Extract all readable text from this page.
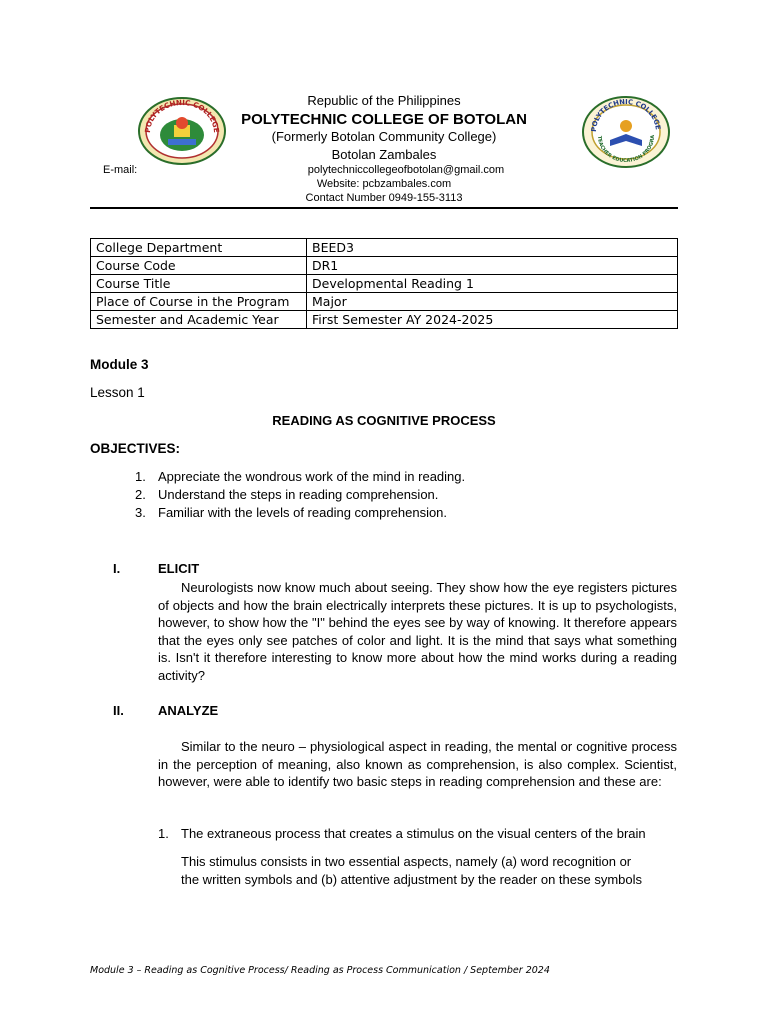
POLYTECHNIC COLLEGE	POLYTECHNIC COLLEGE
TEACHER EDUCATION PROGRA
Republic of the Philippines
POLYTECHNIC COLLEGE OF BOTOLAN
(Formerly Botolan Community College)
Botolan Zambales
E-mail:	polytechniccollegeofbotolan@gmail.com
Website: pcbzambales.com
Contact Number 0949-155-3113
College Department	BEED3
Course Code	DR1
Course Title	Developmental Reading 1
Place of Course in the Program	Major
Semester and Academic Year	First Semester AY 2024-2025
Module 3
Lesson 1
READING AS COGNITIVE PROCESS
OBJECTIVES:
1. Appreciate the wondrous work of the mind in reading.
2. Understand the steps in reading comprehension.
3. Familiar with the levels of reading comprehension.
I.	ELICIT
Neurologists now know much about seeing. They show how the eye registers pictures of objects and how the brain electrically interprets these pictures. It is up to psychologists, however, to show how the "I" behind the eyes see by way of knowing. It therefore appears that the eyes only see patches of color and light. It is the mind that says what something is. Isn't it therefore interesting to know more about how the mind works during a reading activity?
II.	ANALYZE
Similar to the neuro – physiological aspect in reading, the mental or cognitive process in the perception of meaning, also known as comprehension, is also complex. Scientist, however, were able to identify two basic steps in reading comprehension and these are:
1. The extraneous process that creates a stimulus on the visual centers of the brain
This stimulus consists in two essential aspects, namely (a) word recognition or
the written symbols and (b) attentive adjustment by the reader on these symbols
Module 3 – Reading as Cognitive Process/ Reading as Process Communication / September 2024
